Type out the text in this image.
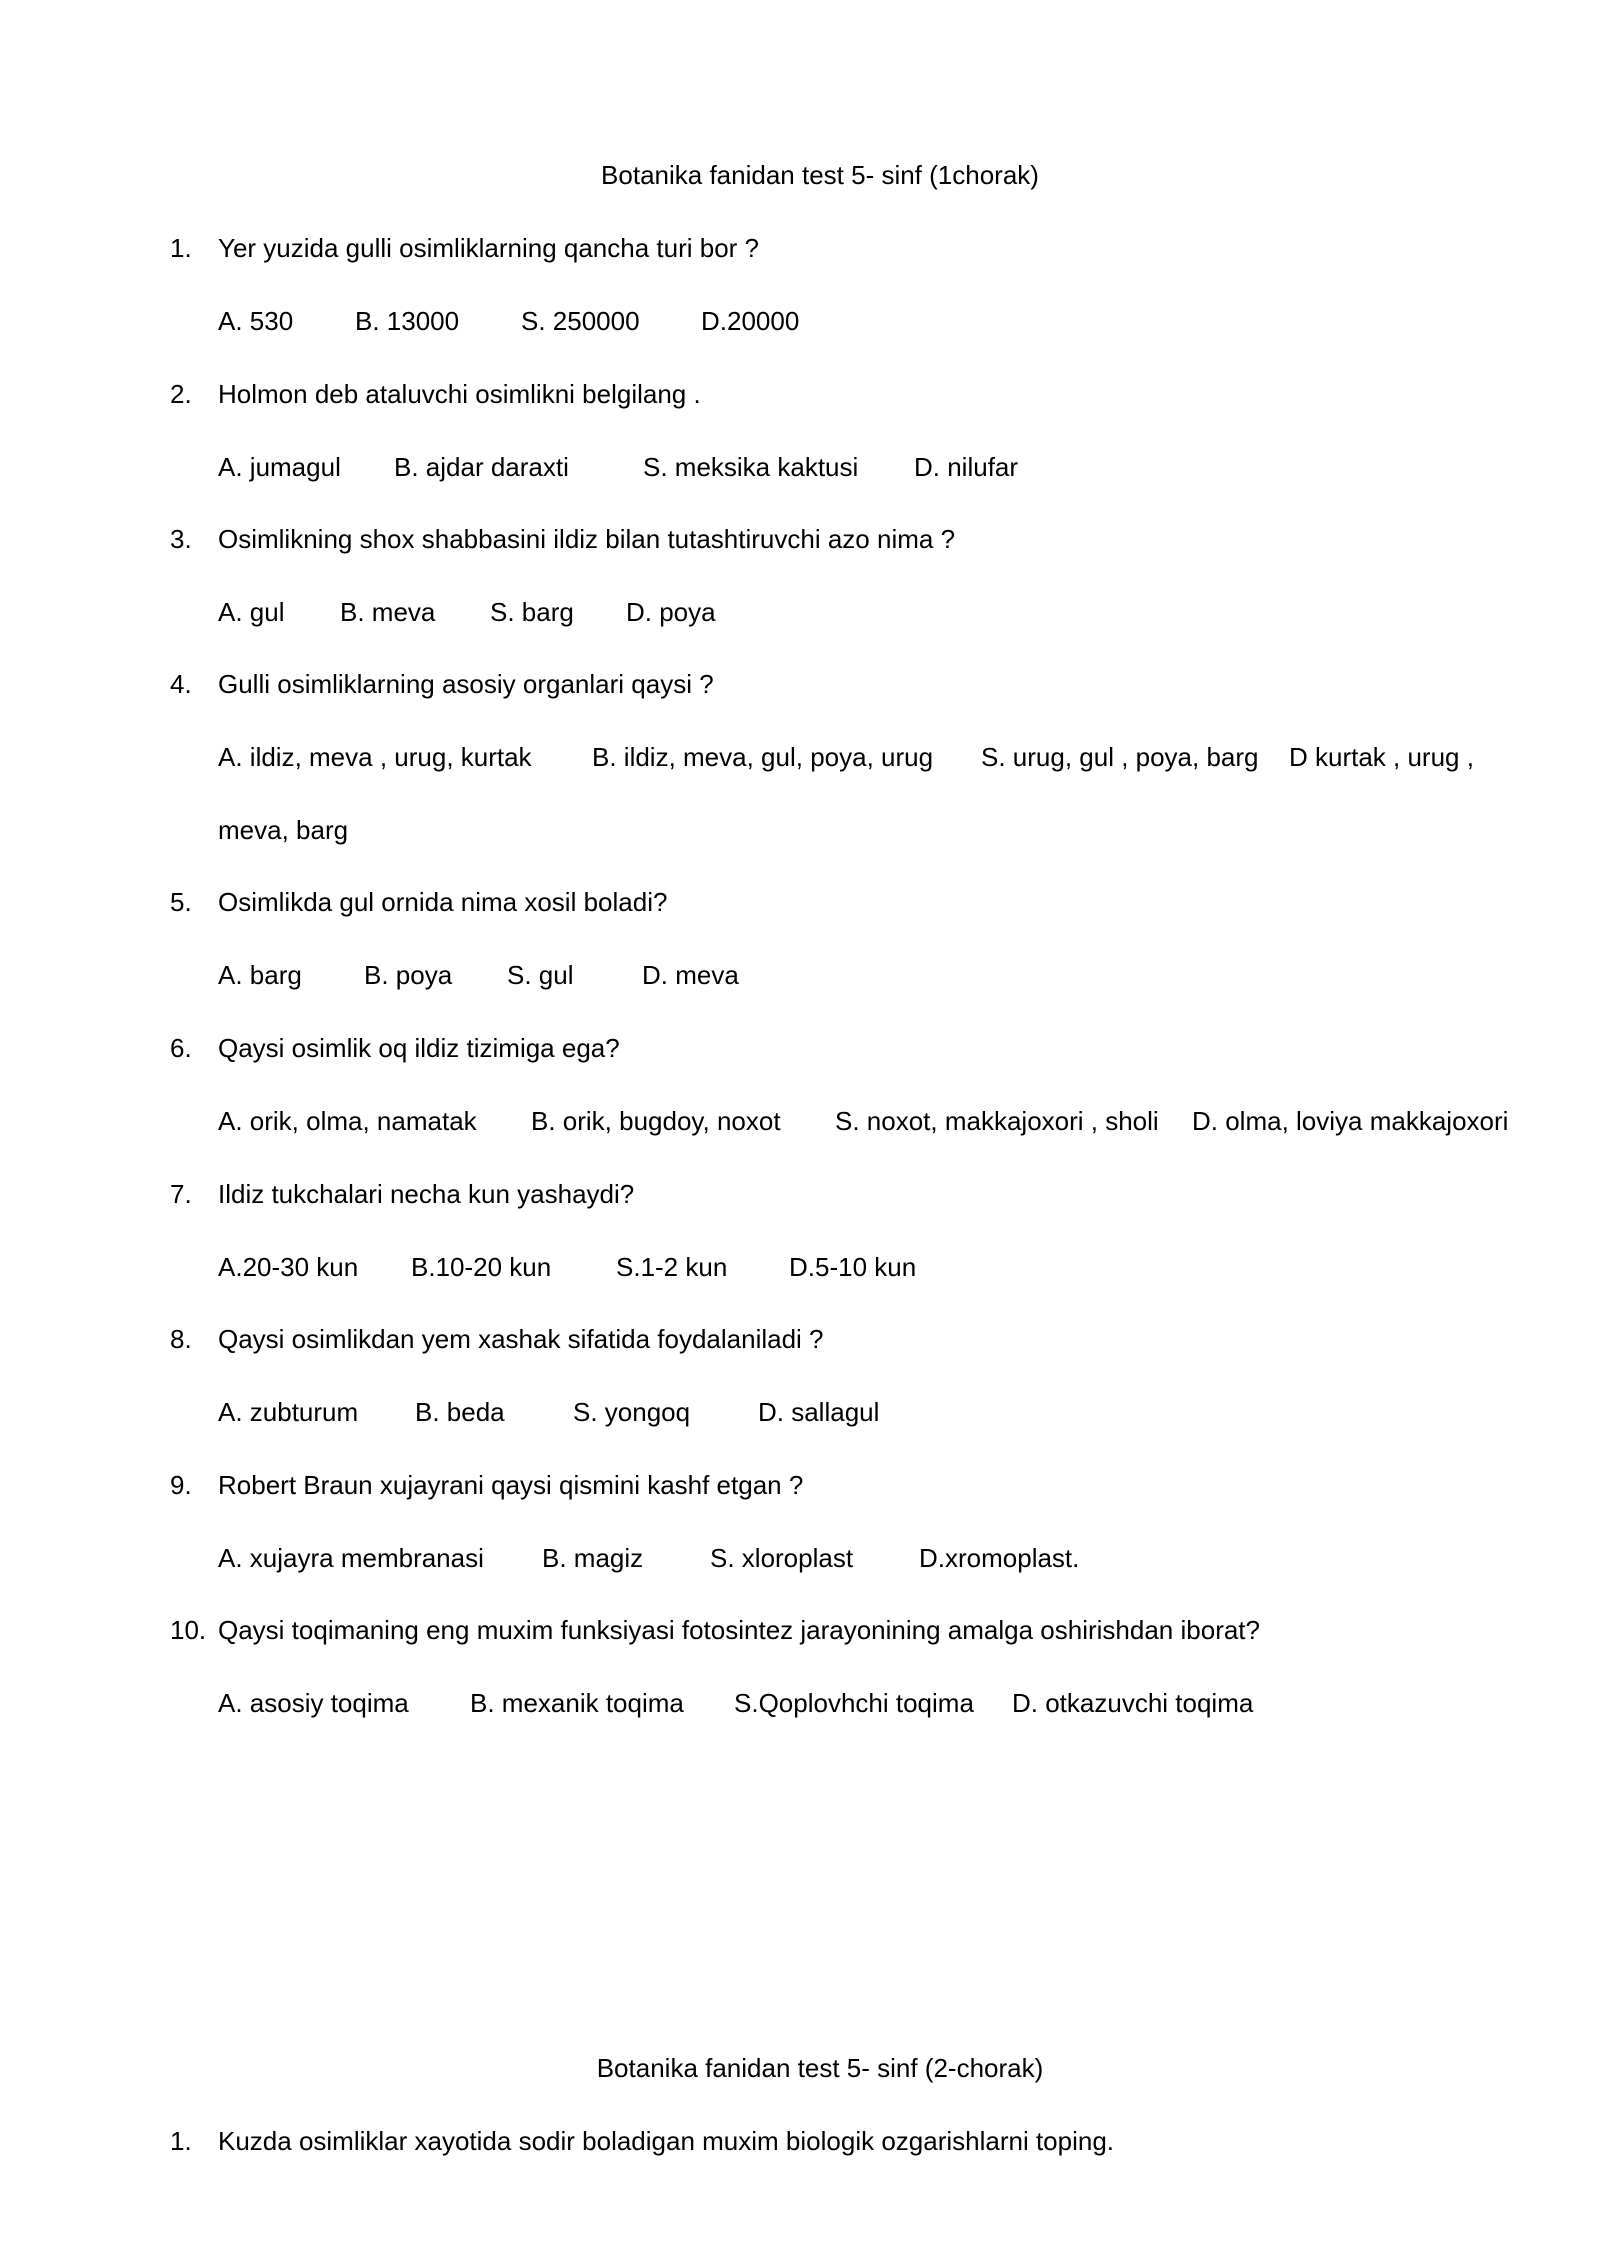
Botanika fanidan test 5- sinf (1chorak)
1. Yer yuzida gulli osimliklarning qancha turi bor ?
A. 530 B. 13000 S. 250000 D.20000
2. Holmon deb ataluvchi osimlikni belgilang .
A. jumagul B. ajdar daraxti	S. meksika kaktusi D. nilufar
3. Osimlikning shox shabbasini ildiz bilan tutashtiruvchi azo nima ?
A. gul B. meva S. barg D. poya
4. Gulli osimliklarning asosiy organlari qaysi ?
A. ildiz, meva , urug, kurtak B. ildiz, meva, gul, poya, urug S. urug, gul , poya, barg D kurtak , urug ,
meva, barg
5. Osimlikda gul ornida nima xosil boladi?
A. barg B. poya S. gul	D. meva
6. Qaysi osimlik oq ildiz tizimiga ega?
A. orik, olma, namatak B. orik, bugdoy, noxot S. noxot, makkajoxori , sholi D. olma, loviya makkajoxori
7. Ildiz tukchalari necha kun yashaydi?
A.20-30 kun B.10-20 kun S.1-2 kun D.5-10 kun
8. Qaysi osimlikdan yem xashak sifatida foydalaniladi ?
A. zubturum B. beda	S. yongoq	D. sallagul
9. Robert Braun xujayrani qaysi qismini kashf etgan ?
A. xujayra membranasi B. magiz	S. xloroplast	D.xromoplast.
10. Qaysi toqimaning eng muxim funksiyasi fotosintez jarayonining amalga oshirishdan iborat?
A. asosiy toqima B. mexanik toqima S.Qoplovhchi toqima D. otkazuvchi toqima
Botanika fanidan test 5- sinf (2-chorak)
1. Kuzda osimliklar xayotida sodir boladigan muxim biologik ozgarishlarni toping.
